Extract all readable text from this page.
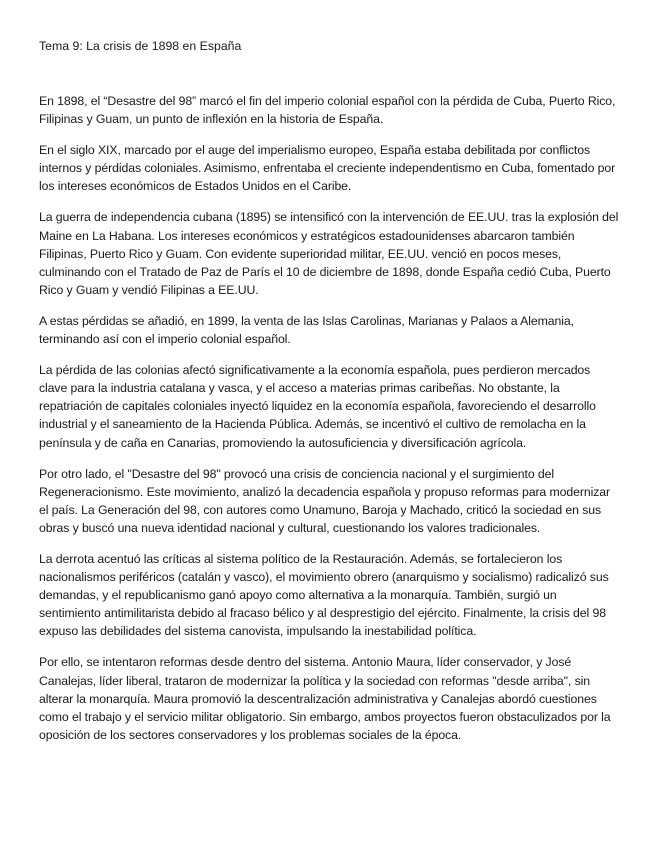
Tema 9: La crisis de 1898 en España

En 1898, el “Desastre del 98” marcó el fin del imperio colonial español con la pérdida de Cuba, Puerto Rico, Filipinas y Guam, un punto de inflexión en la historia de España.

En el siglo XIX, marcado por el auge del imperialismo europeo, España estaba debilitada por conflictos internos y pérdidas coloniales. Asimismo, enfrentaba el creciente independentismo en Cuba, fomentado por los intereses económicos de Estados Unidos en el Caribe.

La guerra de independencia cubana (1895) se intensificó con la intervención de EE.UU. tras la explosión del Maine en La Habana. Los intereses económicos y estratégicos estadounidenses abarcaron también Filipinas, Puerto Rico y Guam. Con evidente superioridad militar, EE.UU. venció en pocos meses, culminando con el Tratado de Paz de París el 10 de diciembre de 1898, donde España cedió Cuba, Puerto Rico y Guam y vendió Filipinas a EE.UU.

A estas pérdidas se añadió, en 1899, la venta de las Islas Carolinas, Marianas y Palaos a Alemania, terminando así con el imperio colonial español.

La pérdida de las colonias afectó significativamente a la economía española, pues perdieron mercados clave para la industria catalana y vasca, y el acceso a materias primas caribeñas. No obstante, la repatriación de capitales coloniales inyectó liquidez en la economía española, favoreciendo el desarrollo industrial y el saneamiento de la Hacienda Pública. Además, se incentivó el cultivo de remolacha en la península y de caña en Canarias, promoviendo la autosuficiencia y diversificación agrícola.

Por otro lado, el "Desastre del 98" provocó una crisis de conciencia nacional y el surgimiento del Regeneracionismo. Este movimiento, analizó la decadencia española y propuso reformas para modernizar el país. La Generación del 98, con autores como Unamuno, Baroja y Machado, criticó la sociedad en sus obras y buscó una nueva identidad nacional y cultural, cuestionando los valores tradicionales.

La derrota acentuó las críticas al sistema político de la Restauración. Además, se fortalecieron los nacionalismos periféricos (catalán y vasco), el movimiento obrero (anarquismo y socialismo) radicalizó sus demandas, y el republicanismo ganó apoyo como alternativa a la monarquía. También, surgió un sentimiento antimilitarista debido al fracaso bélico y al desprestigio del ejército. Finalmente, la crisis del 98 expuso las debilidades del sistema canovista, impulsando la inestabilidad política.

Por ello, se intentaron reformas desde dentro del sistema. Antonio Maura, líder conservador, y José Canalejas, líder liberal, trataron de modernizar la política y la sociedad con reformas "desde arriba", sin alterar la monarquía. Maura promovió la descentralización administrativa y Canalejas abordó cuestiones como el trabajo y el servicio militar obligatorio. Sin embargo, ambos proyectos fueron obstaculizados por la oposición de los sectores conservadores y los problemas sociales de la época.
